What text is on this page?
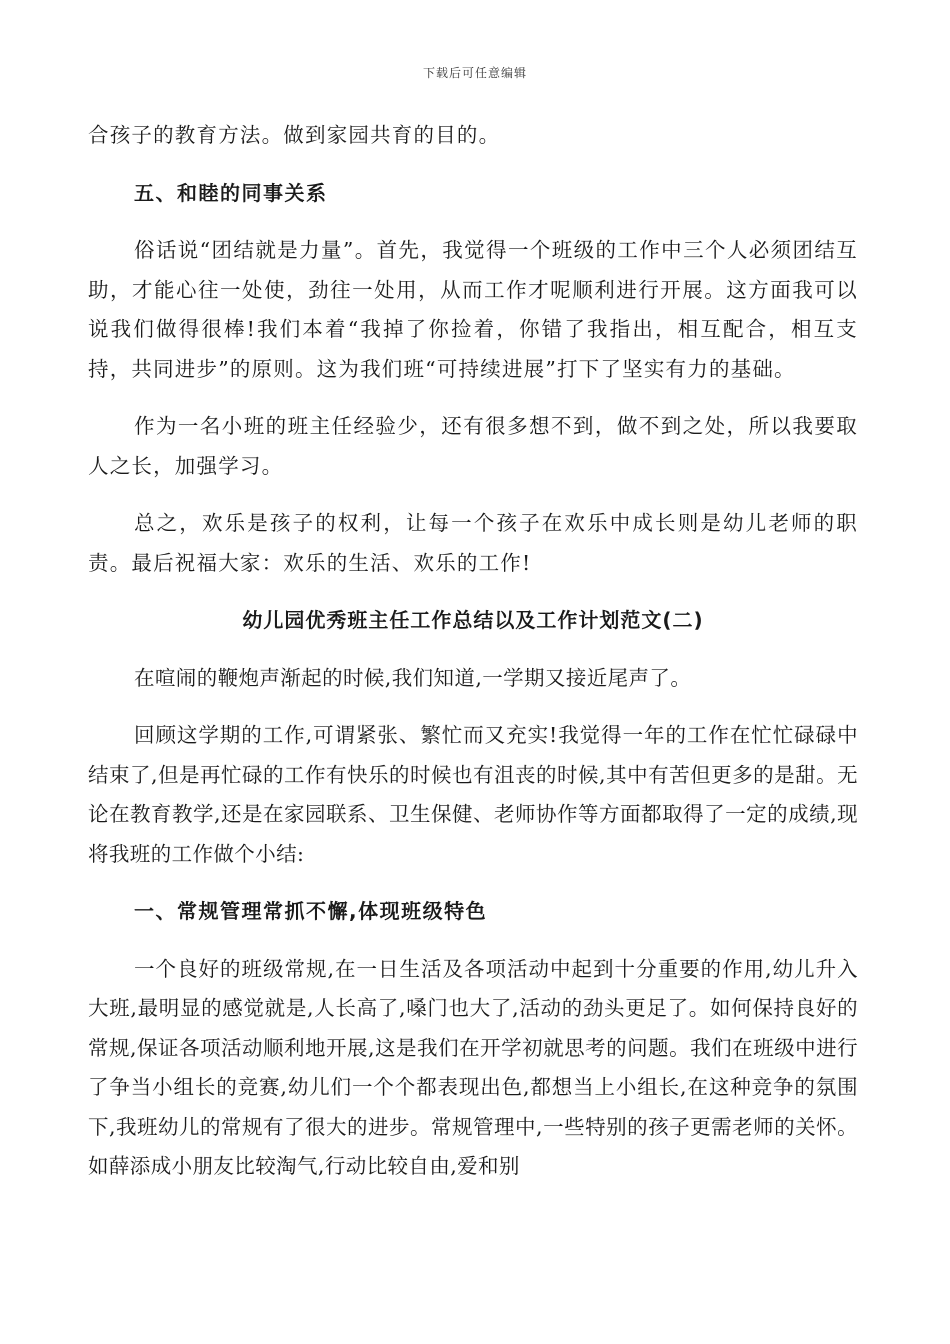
下载后可任意编辑

合孩子的教育方法。做到家园共育的目的。

五、和睦的同事关系

俗话说“团结就是力量”。首先，我觉得一个班级的工作中三个人必须团结互助，才能心往一处使，劲往一处用，从而工作才呢顺利进行开展。这方面我可以说我们做得很棒!我们本着“我掉了你捡着，你错了我指出，相互配合，相互支持，共同进步”的原则。这为我们班“可持续进展”打下了坚实有力的基础。

作为一名小班的班主任经验少，还有很多想不到，做不到之处，所以我要取人之长，加强学习。

总之，欢乐是孩子的权利，让每一个孩子在欢乐中成长则是幼儿老师的职责。最后祝福大家：欢乐的生活、欢乐的工作!

幼儿园优秀班主任工作总结以及工作计划范文(二)

在喧闹的鞭炮声渐起的时候,我们知道,一学期又接近尾声了。

回顾这学期的工作,可谓紧张、繁忙而又充实!我觉得一年的工作在忙忙碌碌中结束了,但是再忙碌的工作有快乐的时候也有沮丧的时候,其中有苦但更多的是甜。无论在教育教学,还是在家园联系、卫生保健、老师协作等方面都取得了一定的成绩,现将我班的工作做个小结:

一、常规管理常抓不懈,体现班级特色

一个良好的班级常规,在一日生活及各项活动中起到十分重要的作用,幼儿升入大班,最明显的感觉就是,人长高了,嗓门也大了,活动的劲头更足了。如何保持良好的常规,保证各项活动顺利地开展,这是我们在开学初就思考的问题。我们在班级中进行了争当小组长的竞赛,幼儿们一个个都表现出色,都想当上小组长,在这种竞争的氛围下,我班幼儿的常规有了很大的进步。常规管理中,一些特别的孩子更需老师的关怀。如薛添成小朋友比较淘气,行动比较自由,爱和别
